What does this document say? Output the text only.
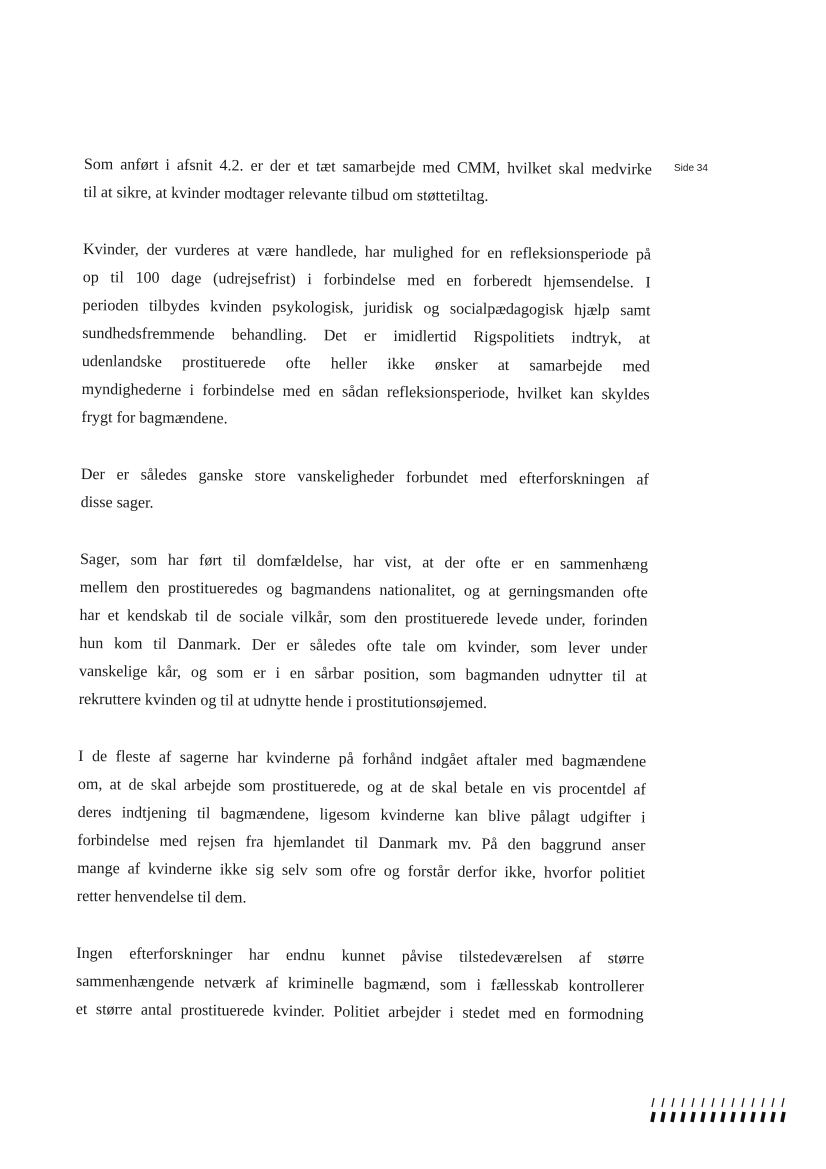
Side 34

Som anført i afsnit 4.2. er der et tæt samarbejde med CMM, hvilket skal medvirke
til at sikre, at kvinder modtager relevante tilbud om støttetiltag.

Kvinder, der vurderes at være handlede, har mulighed for en refleksionsperiode på
op til 100 dage (udrejsefrist) i forbindelse med en forberedt hjemsendelse. I
perioden tilbydes kvinden psykologisk, juridisk og socialpædagogisk hjælp samt
sundhedsfremmende behandling. Det er imidlertid Rigspolitiets indtryk, at
udenlandske prostituerede ofte heller ikke ønsker at samarbejde med
myndighederne i forbindelse med en sådan refleksionsperiode, hvilket kan skyldes
frygt for bagmændene.

Der er således ganske store vanskeligheder forbundet med efterforskningen af
disse sager.

Sager, som har ført til domfældelse, har vist, at der ofte er en sammenhæng
mellem den prostitueredes og bagmandens nationalitet, og at gerningsmanden ofte
har et kendskab til de sociale vilkår, som den prostituerede levede under, forinden
hun kom til Danmark. Der er således ofte tale om kvinder, som lever under
vanskelige kår, og som er i en sårbar position, som bagmanden udnytter til at
rekruttere kvinden og til at udnytte hende i prostitutionsøjemed.

I de fleste af sagerne har kvinderne på forhånd indgået aftaler med bagmændene
om, at de skal arbejde som prostituerede, og at de skal betale en vis procentdel af
deres indtjening til bagmændene, ligesom kvinderne kan blive pålagt udgifter i
forbindelse med rejsen fra hjemlandet til Danmark mv. På den baggrund anser
mange af kvinderne ikke sig selv som ofre og forstår derfor ikke, hvorfor politiet
retter henvendelse til dem.

Ingen efterforskninger har endnu kunnet påvise tilstedeværelsen af større
sammenhængende netværk af kriminelle bagmænd, som i fællesskab kontrollerer
et større antal prostituerede kvinder. Politiet arbejder i stedet med en formodning
